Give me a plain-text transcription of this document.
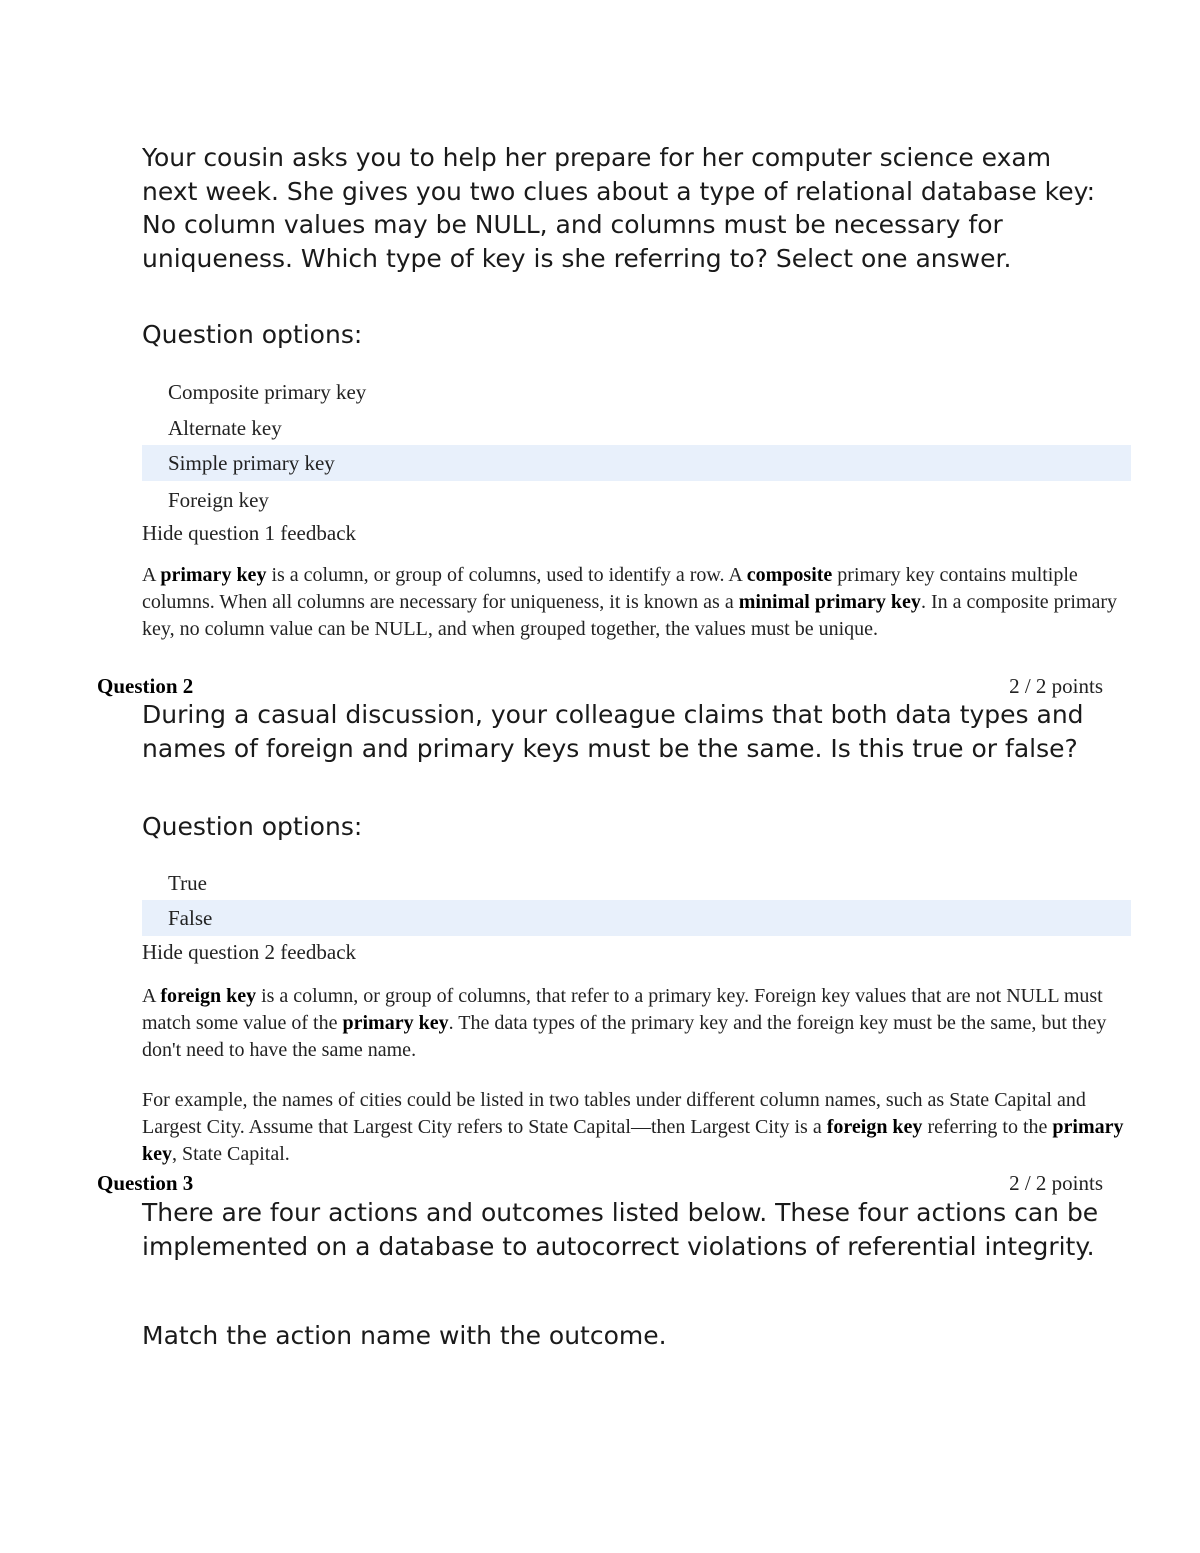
Your cousin asks you to help her prepare for her computer science exam next week. She gives you two clues about a type of relational database key: No column values may be NULL, and columns must be necessary for uniqueness. Which type of key is she referring to? Select one answer.

Question options:

Composite primary key
Alternate key
Simple primary key
Foreign key
Hide question 1 feedback

A primary key is a column, or group of columns, used to identify a row. A composite primary key contains multiple columns. When all columns are necessary for uniqueness, it is known as a minimal primary key. In a composite primary key, no column value can be NULL, and when grouped together, the values must be unique.

Question 2	2 / 2 points

During a casual discussion, your colleague claims that both data types and names of foreign and primary keys must be the same. Is this true or false?

Question options:

True
False
Hide question 2 feedback

A foreign key is a column, or group of columns, that refer to a primary key. Foreign key values that are not NULL must match some value of the primary key. The data types of the primary key and the foreign key must be the same, but they don't need to have the same name.

For example, the names of cities could be listed in two tables under different column names, such as State Capital and Largest City. Assume that Largest City refers to State Capital—then Largest City is a foreign key referring to the primary key, State Capital.

Question 3	2 / 2 points

There are four actions and outcomes listed below. These four actions can be implemented on a database to autocorrect violations of referential integrity.

Match the action name with the outcome.
